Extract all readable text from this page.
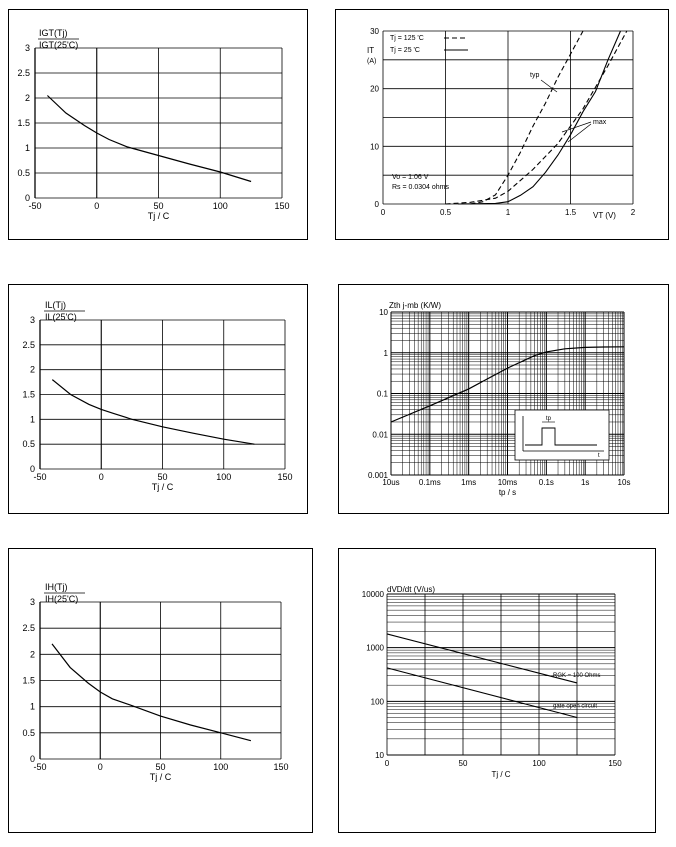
-50	0	50	100	150
0
0.5
1
1.5
2
2.5
3
Tj / C
IGT(Tj)
IGT(25'C)
0	0.5	1	1.5	2
0
10
20
30
IT
(A)
VT (V)
Tj = 125 'C
Tj = 25 'C
Vo = 1.06 V
Rs = 0.0304 ohms
typ
max
-50	0	50	100	150
0
0.5
1
1.5
2
2.5
3
Tj / C
IL(Tj)
IL(25'C)
10us 0.1ms	1ms	10ms	0.1s	1s	10s
0.001
0.01
0.1
1
10
Zth j-mb (K/W)
tp / s
tp
t
-50	0	50	100	150
0
0.5
1
1.5
2
2.5
3
Tj / C
IH(Tj)
IH(25'C)
0	50	100	150
10
100
1000
10000
dVD/dt (V/us)
Tj / C
RGK = 100 Ohms
gate open circuit
